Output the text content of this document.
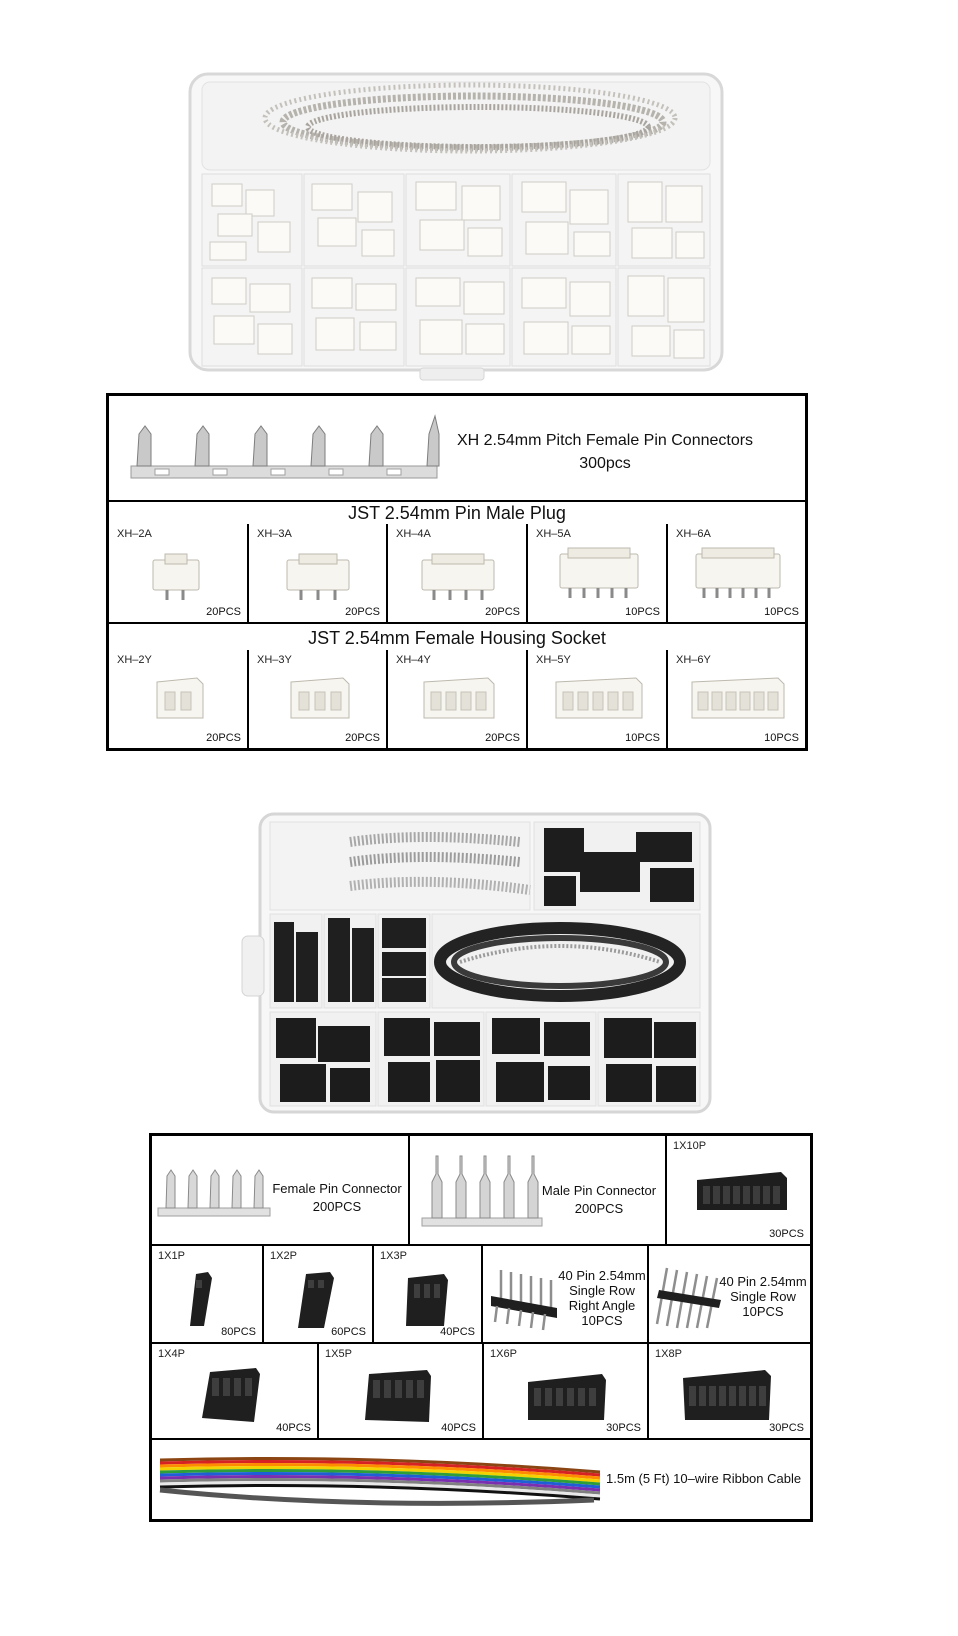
XH 2.54mm Pitch Female Pin Connectors
300pcs
JST 2.54mm Pin Male Plug
XH–2A
20PCS
XH–3A
20PCS
XH–4A
20PCS
XH–5A
10PCS
XH–6A
10PCS
JST 2.54mm Female Housing Socket
XH–2Y
20PCS
XH–3Y
20PCS
XH–4Y
20PCS
XH–5Y
10PCS
XH–6Y
10PCS
Female Pin Connector
200PCS
Male Pin Connector
200PCS
1X10P
30PCS
1X1P
80PCS
1X2P
60PCS
1X3P
40PCS
40 Pin 2.54mm
Single Row
Right Angle
10PCS
40 Pin 2.54mm
Single Row
10PCS
1X4P
40PCS
1X5P
40PCS
1X6P
30PCS
1X8P
30PCS
1.5m (5 Ft) 10–wire Ribbon Cable
